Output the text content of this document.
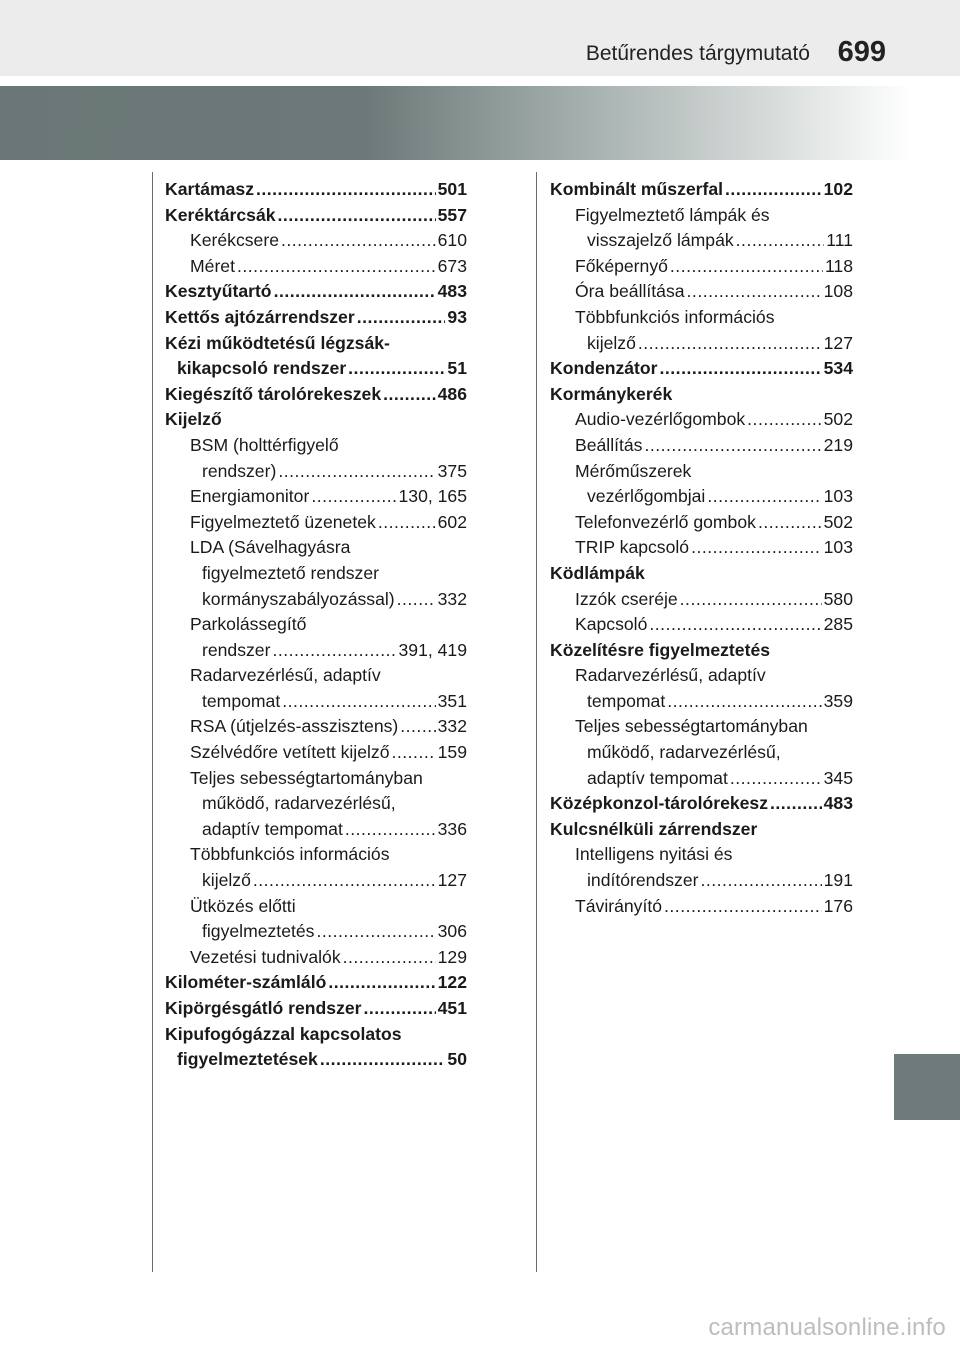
Betűrendes tárgymutató 699
Kartámasz .....	501
Keréktárcsák .....	557
Kerékcsere .....	610
Méret .....	673
Kesztyűtartó .....	483
Kettős ajtózárrendszer .....	93
Kézi működtetésű légzsák-
kikapcsoló rendszer .....	51
Kiegészítő tárolórekeszek .....	486
Kijelző
BSM (holttérfigyelő
rendszer) .....	375
Energiamonitor .....	130, 165
Figyelmeztető üzenetek .....	602
LDA (Sávelhagyásra
figyelmeztető rendszer
kormányszabályozással) ..... 332
Parkolássegítő
rendszer .....	391, 419
Radarvezérlésű, adaptív
tempomat .....	351
RSA (útjelzés-asszisztens) ..... 332
Szélvédőre vetített kijelző .....	159
Teljes sebességtartományban
működő, radarvezérlésű,
adaptív tempomat .....	336
Többfunkciós információs
kijelző .....	127
Ütközés előtti
figyelmeztetés .....	306
Vezetési tudnivalók .....	129
Kilométer-számláló .....	122
Kipörgésgátló rendszer .....	451
Kipufogógázzal kapcsolatos
figyelmeztetések .....	50
Kombinált műszerfal .....	102
Figyelmeztető lámpák és
visszajelző lámpák .....	111
Főképernyő .....	118
Óra beállítása .....	108
Többfunkciós információs
kijelző .....	127
Kondenzátor .....	534
Kormánykerék
Audio-vezérlőgombok .....	502
Beállítás .....	219
Mérőműszerek
vezérlőgombjai .....	103
Telefonvezérlő gombok .....	502
TRIP kapcsoló .....	103
Ködlámpák
Izzók cseréje .....	580
Kapcsoló .....	285
Közelítésre figyelmeztetés
Radarvezérlésű, adaptív
tempomat .....	359
Teljes sebességtartományban
működő, radarvezérlésű,
adaptív tempomat .....	345
Középkonzol-tárolórekesz .....	483
Kulcsnélküli zárrendszer
Intelligens nyitási és
indítórendszer .....	191
Távirányító .....	176
carmanualsonline.info
